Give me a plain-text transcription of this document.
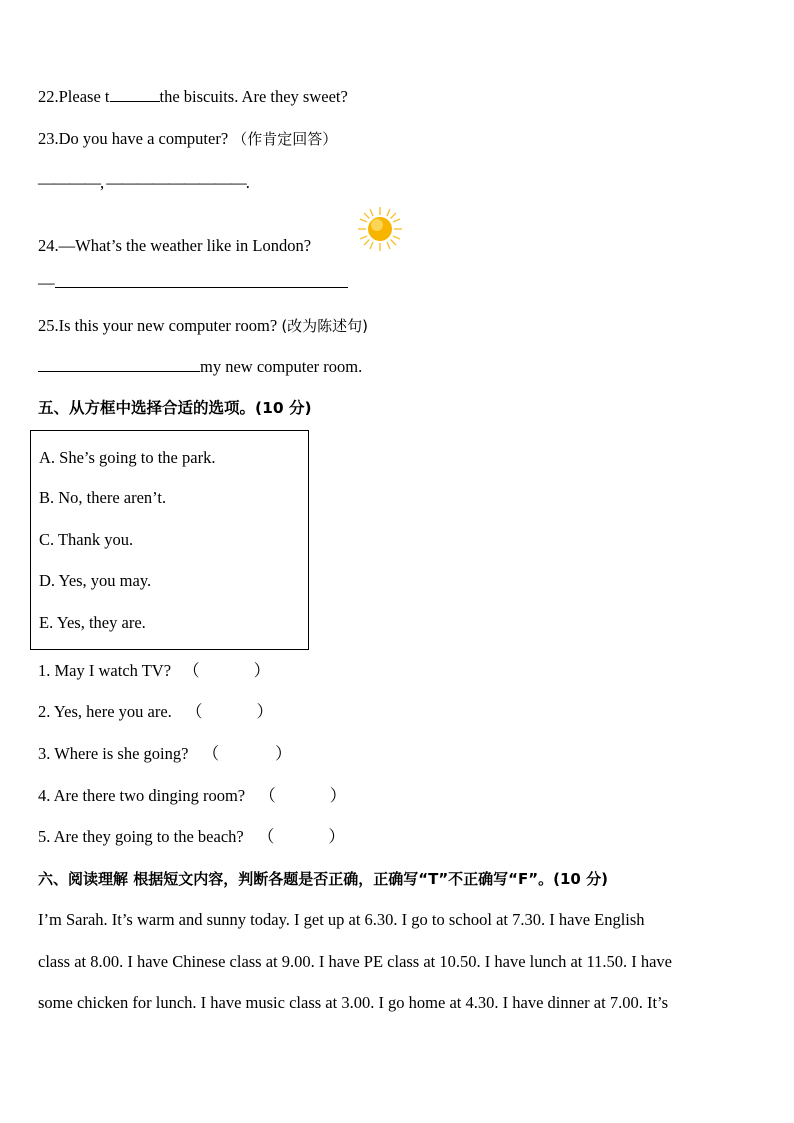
22.Please t	the biscuits. Are they sweet?
23.Do you have a computer? （作肯定回答）
————, —————————.
24.—What’s the weather like in London?
—
25.Is this your new computer room? (改为陈述句)
my new computer room.
五、从方框中选择合适的选项。(10 分)
A. She’s going to the park.
B. No, there aren’t.
C. Thank you.
D. Yes, you may.
E. Yes, they are.
1. May I watch TV? （	）
2. Yes, here you are. （	）
3. Where is she going? （	）
4. Are there two dinging room? （	）
5. Are they going to the beach? （	）
六、阅读理解 根据短文内容，判断各题是否正确，正确写“T”不正确写“F”。(10 分)
I’m Sarah. It’s warm and sunny today. I get up at 6.30. I go to school at 7.30. I have English
class at 8.00. I have Chinese class at 9.00. I have PE class at 10.50. I have lunch at 11.50. I have
some chicken for lunch. I have music class at 3.00. I go home at 4.30. I have dinner at 7.00. It’s
